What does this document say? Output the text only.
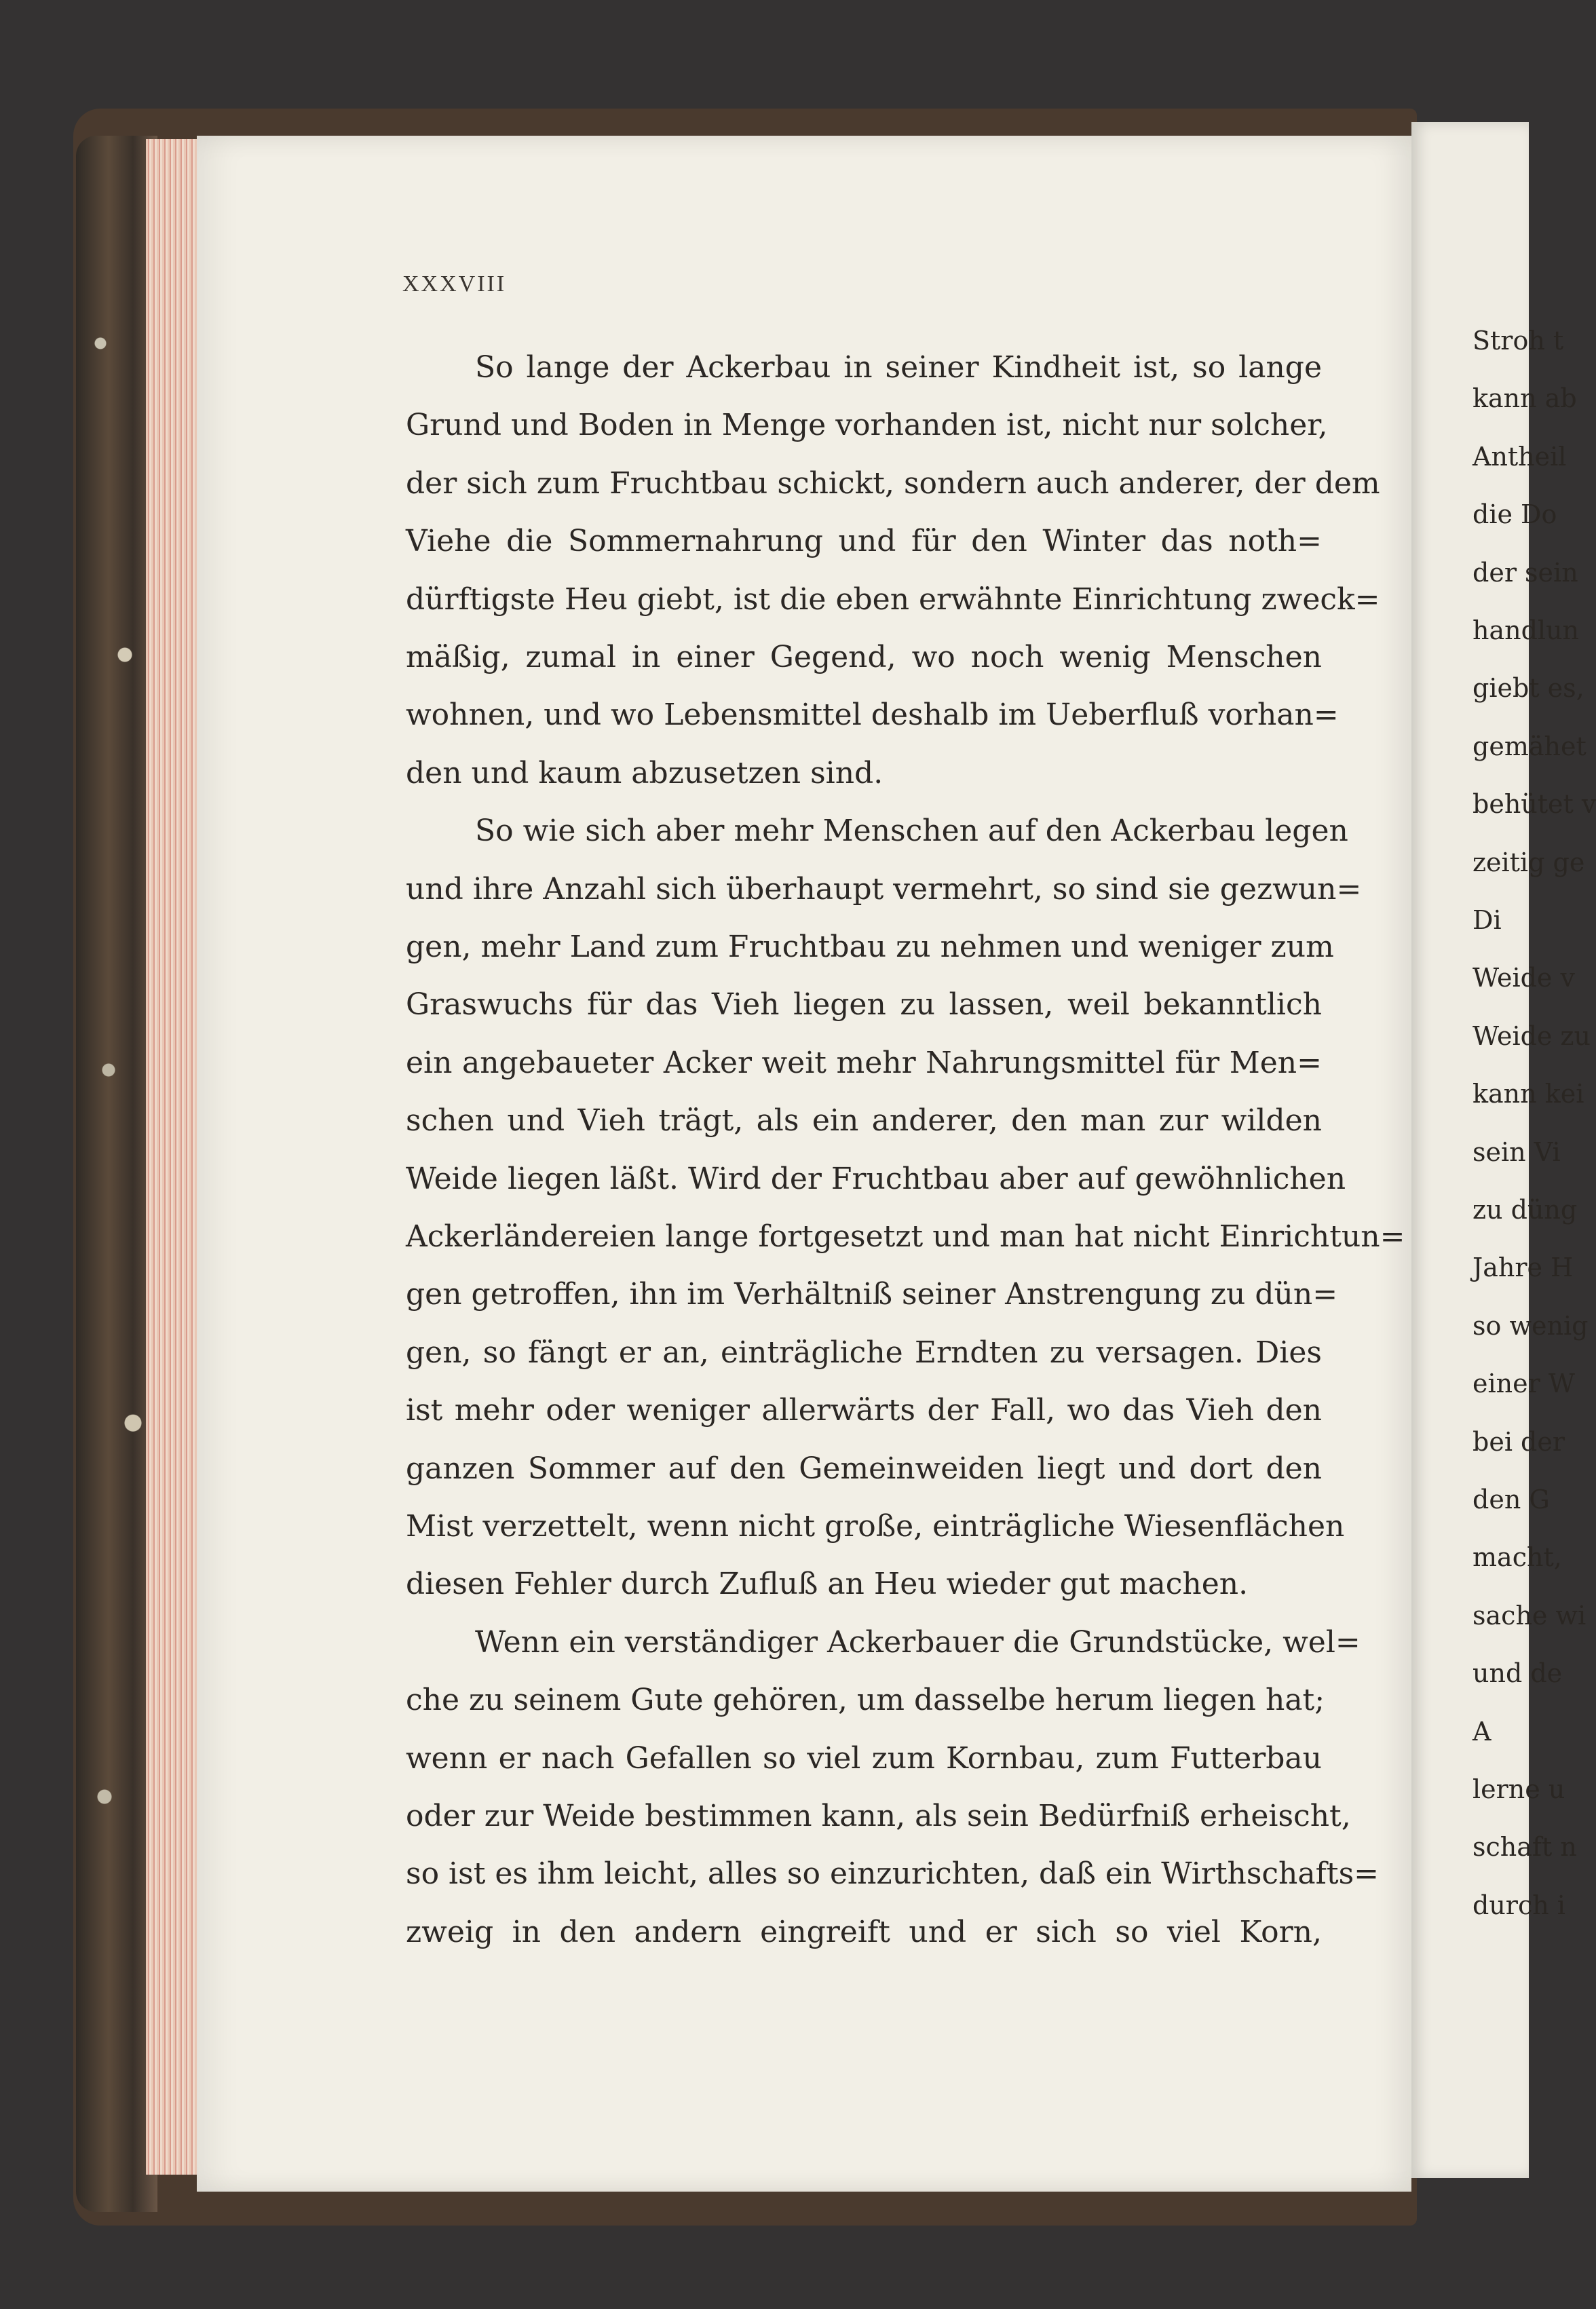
Stroh t
kann ab
Antheil
die Do
der sein
handlun
giebt es,
gemähet
behütet v
zeitig ge
Di
Weide v
Weide zu
kann kei
sein Vi
zu düng
Jahre H
so wenig
einer W
bei der
den G
macht,
sache wi
und de
A
lerne u
schaft n
durch i
XXXVIII
So lange der Ackerbau in seiner Kindheit ist, so lange
Grund und Boden in Menge vorhanden ist, nicht nur solcher,
der sich zum Fruchtbau schickt, sondern auch anderer, der dem
Viehe die Sommernahrung und für den Winter das noth=
dürftigste Heu giebt, ist die eben erwähnte Einrichtung zweck=
mäßig, zumal in einer Gegend, wo noch wenig Menschen
wohnen, und wo Lebensmittel deshalb im Ueberfluß vorhan=
den und kaum abzusetzen sind.
So wie sich aber mehr Menschen auf den Ackerbau legen
und ihre Anzahl sich überhaupt vermehrt, so sind sie gezwun=
gen, mehr Land zum Fruchtbau zu nehmen und weniger zum
Graswuchs für das Vieh liegen zu lassen, weil bekanntlich
ein angebaueter Acker weit mehr Nahrungsmittel für Men=
schen und Vieh trägt, als ein anderer, den man zur wilden
Weide liegen läßt. Wird der Fruchtbau aber auf gewöhnlichen
Ackerländereien lange fortgesetzt und man hat nicht Einrichtun=
gen getroffen, ihn im Verhältniß seiner Anstrengung zu dün=
gen, so fängt er an, einträgliche Erndten zu versagen. Dies
ist mehr oder weniger allerwärts der Fall, wo das Vieh den
ganzen Sommer auf den Gemeinweiden liegt und dort den
Mist verzettelt, wenn nicht große, einträgliche Wiesenflächen
diesen Fehler durch Zufluß an Heu wieder gut machen.
Wenn ein verständiger Ackerbauer die Grundstücke, wel=
che zu seinem Gute gehören, um dasselbe herum liegen hat;
wenn er nach Gefallen so viel zum Kornbau, zum Futterbau
oder zur Weide bestimmen kann, als sein Bedürfniß erheischt,
so ist es ihm leicht, alles so einzurichten, daß ein Wirthschafts=
zweig in den andern eingreift und er sich so viel Korn,
